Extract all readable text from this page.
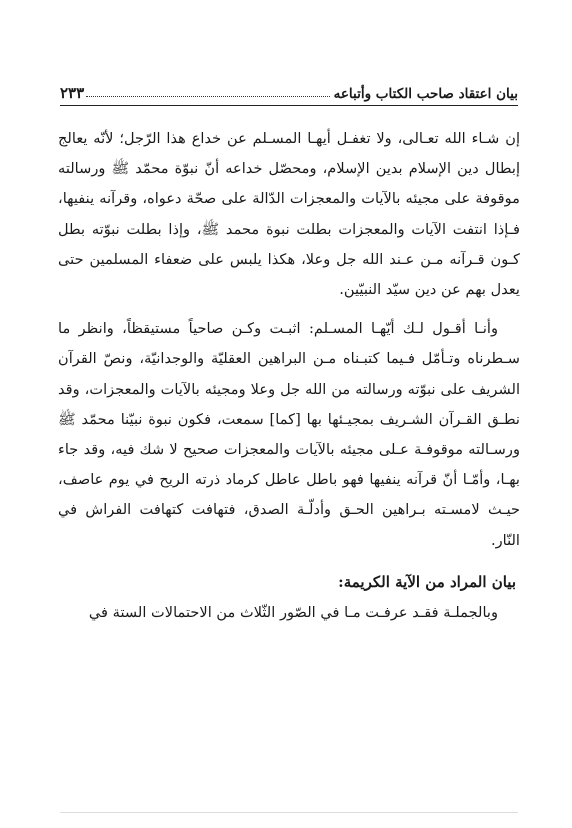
بيان اعتقاد صاحب الكتاب وأتباعه
٢٣٣

إن شـاء الله تعـالى، ولا تغفـل أيهـا المسـلم عن خداع هذا الرّجل؛ لأنّه يعالج إبطال دين الإسلام بدين الإسلام، ومحصّل خداعه أنّ نبوّة محمّد ﷺ ورسالته موقوفة على مجيئه بالآيات والمعجزات الدّالة على صحّة دعواه، وقرآنه ينفيها، فـإذا انتفت الآيات والمعجزات بطلت نبوة محمد ﷺ، وإذا بطلت نبوّته بطل كـون قـرآنه مـن عـند الله جل وعلا، هكذا يلبس على ضعفاء المسلمين حتى يعدل بهم عن دين سيّد النبيّين.

وأنـا أقـول لـك أيّهـا المسـلم: اثبـت وكـن صاحياً مستيقظاً، وانظر ما سـطرناه وتـأمّل فـيما كتبـناه مـن البراهين العقليّة والوجدانيّة، ونصّ القرآن الشريف على نبوّته ورسالته من الله جل وعلا ومجيئه بالآيات والمعجزات، وقد نطـق القـرآن الشـريف بمجيـئها بها [كما] سمعت، فكون نبوة نبيّنا محمّد ﷺ ورسـالته موقوفـة عـلى مجيئه بالآيات والمعجزات صحيح لا شك فيه، وقد جاء بهـا، وأمّـا أنّ قرآنه ينفيها فهو باطل عاطل كرماد ذرته الريح في يوم عاصف، حيـث لامسـته بـراهين الحـق وأدلّـة الصدق، فتهافت كتهافت الفراش في النّار.

بيان المراد من الآية الكريمة:

وبالجملـة فقـد عرفـت مـا في الصّور الثّلاث من الاحتمالات الستة في
